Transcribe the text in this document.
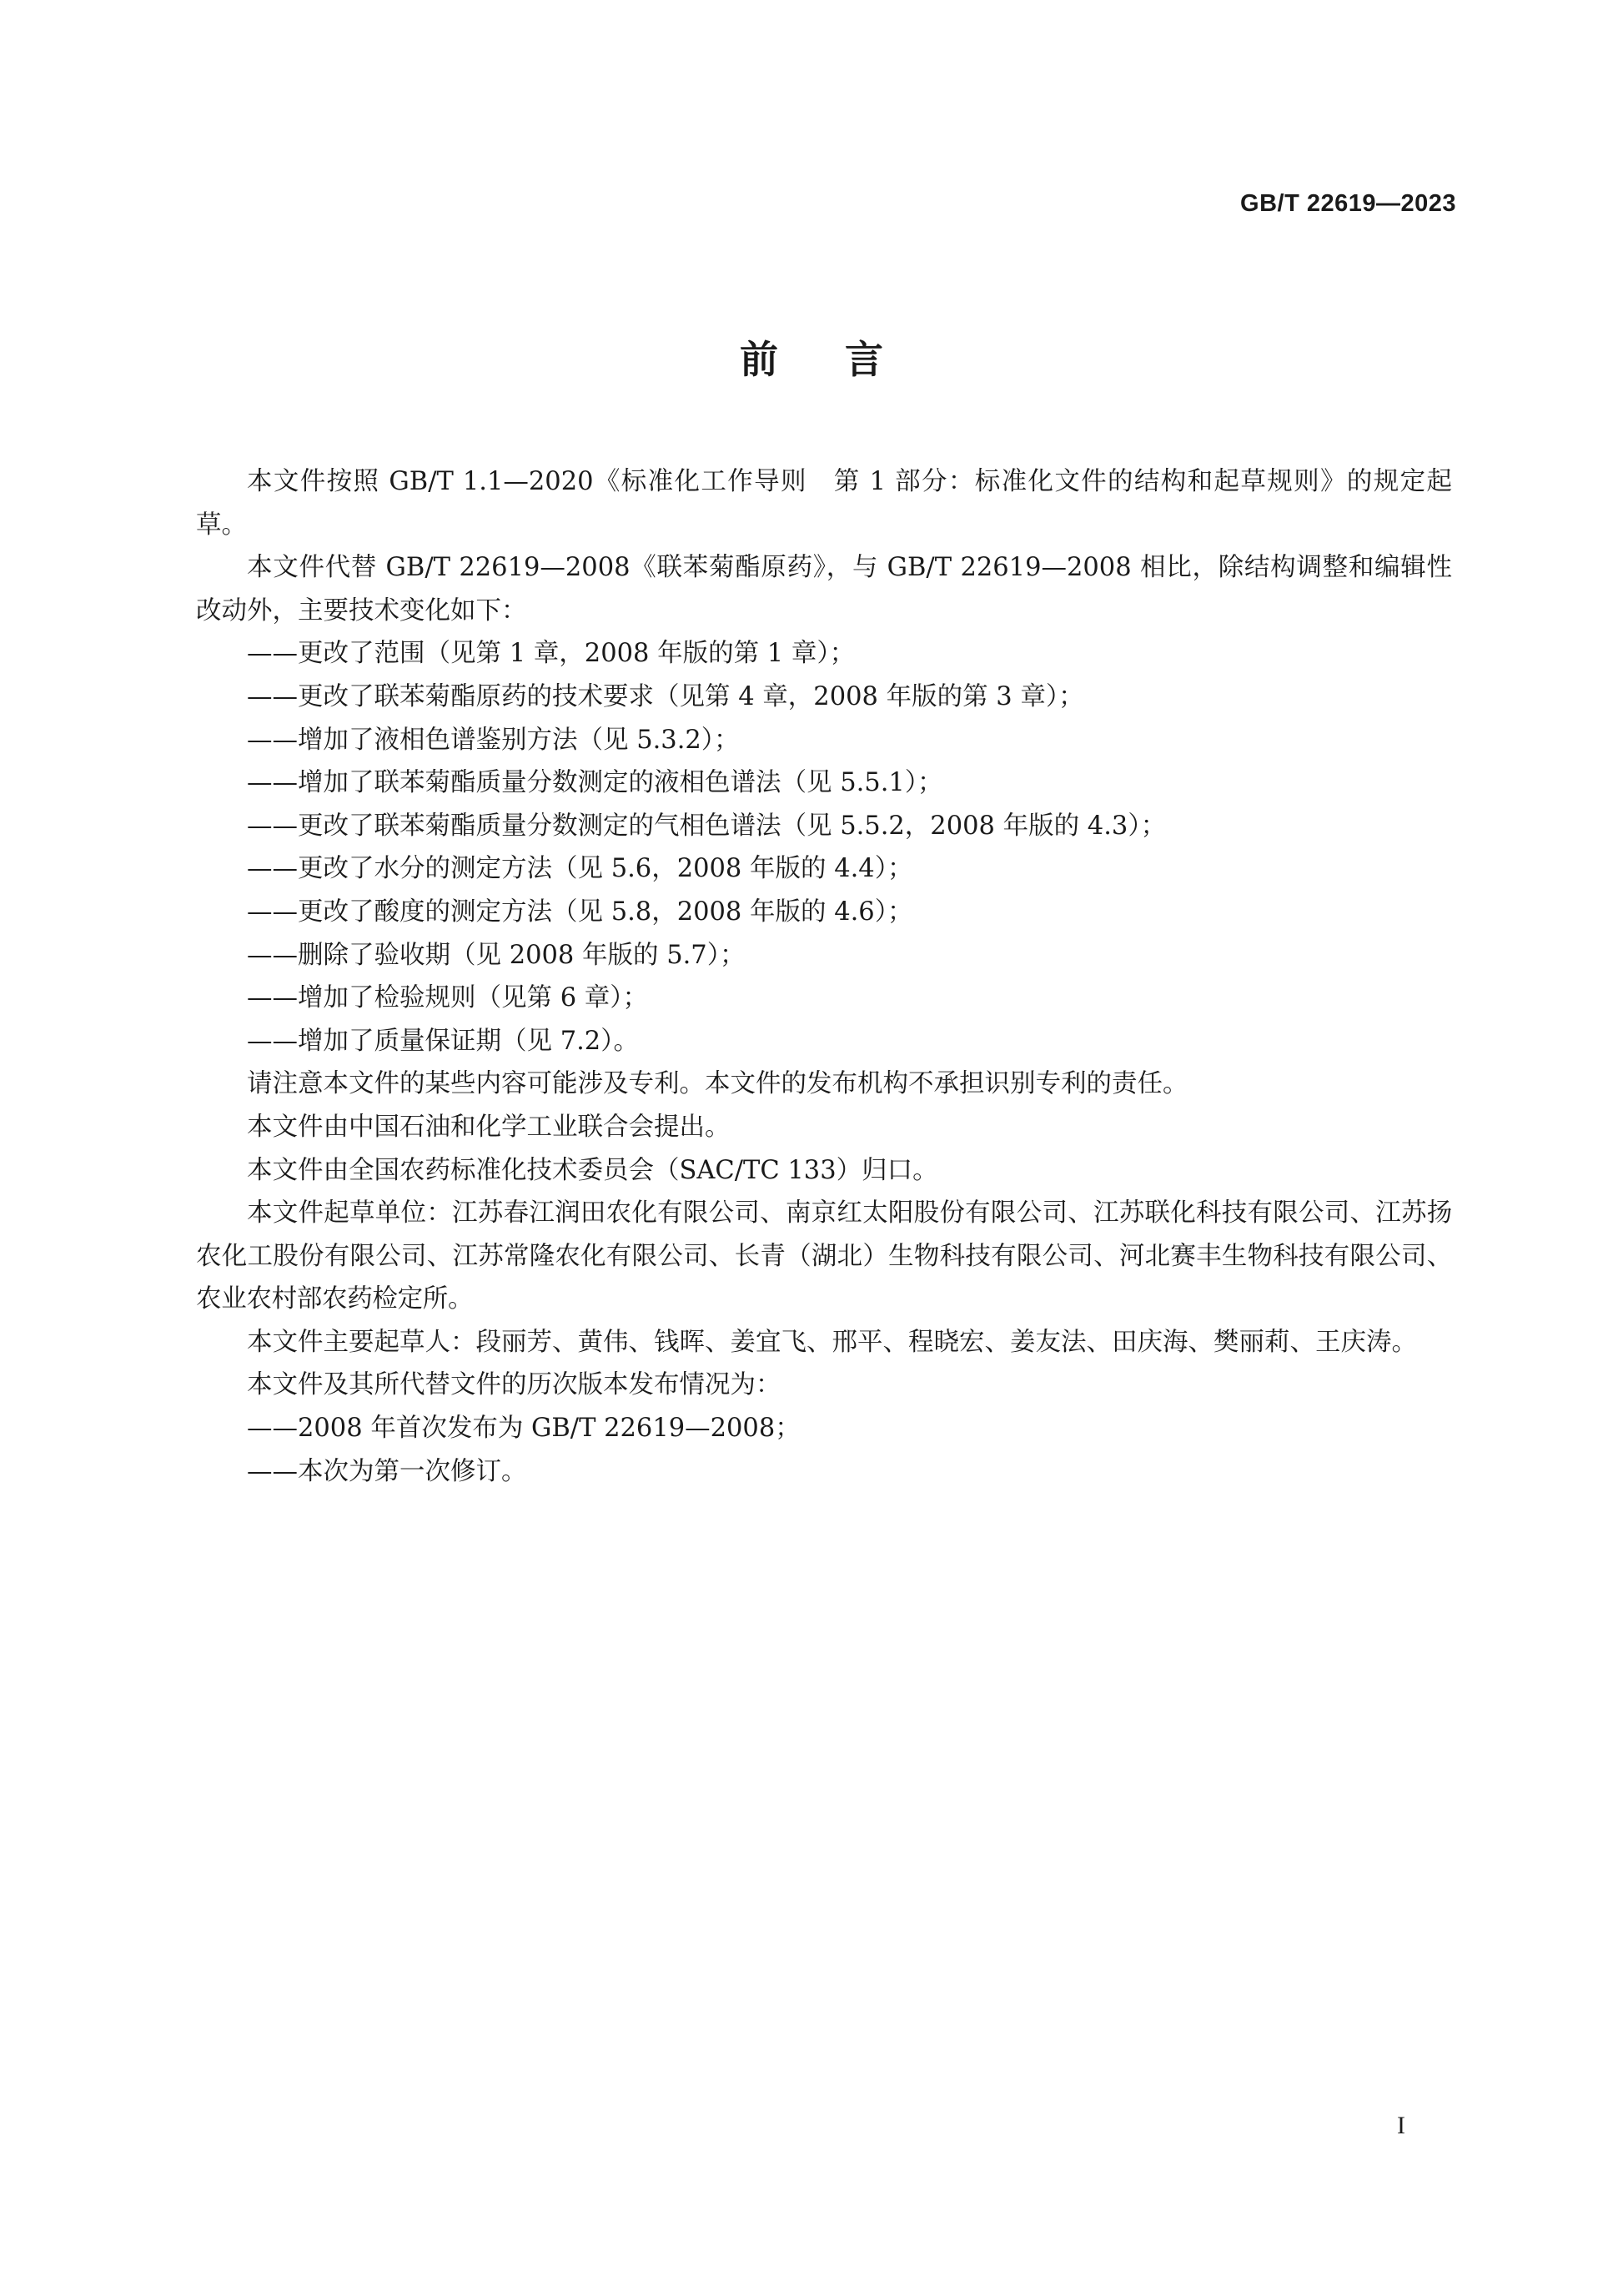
GB/T 22619—2023
前言

本文件按照 GB/T 1.1—2020《标准化工作导则　第 1 部分：标准化文件的结构和起草规则》的规定起草。

本文件代替 GB/T 22619—2008《联苯菊酯原药》，与 GB/T 22619—2008 相比，除结构调整和编辑性改动外，主要技术变化如下：

——更改了范围（见第 1 章，2008 年版的第 1 章）；

——更改了联苯菊酯原药的技术要求（见第 4 章，2008 年版的第 3 章）；

——增加了液相色谱鉴别方法（见 5.3.2）；

——增加了联苯菊酯质量分数测定的液相色谱法（见 5.5.1）；

——更改了联苯菊酯质量分数测定的气相色谱法（见 5.5.2，2008 年版的 4.3）；

——更改了水分的测定方法（见 5.6，2008 年版的 4.4）；

——更改了酸度的测定方法（见 5.8，2008 年版的 4.6）；

——删除了验收期（见 2008 年版的 5.7）；

——增加了检验规则（见第 6 章）；

——增加了质量保证期（见 7.2）。

请注意本文件的某些内容可能涉及专利。本文件的发布机构不承担识别专利的责任。

本文件由中国石油和化学工业联合会提出。

本文件由全国农药标准化技术委员会（SAC/TC 133）归口。

本文件起草单位：江苏春江润田农化有限公司、南京红太阳股份有限公司、江苏联化科技有限公司、江苏扬农化工股份有限公司、江苏常隆农化有限公司、长青（湖北）生物科技有限公司、河北赛丰生物科技有限公司、农业农村部农药检定所。

本文件主要起草人：段丽芳、黄伟、钱晖、姜宜飞、邢平、程晓宏、姜友法、田庆海、樊丽莉、王庆涛。

本文件及其所代替文件的历次版本发布情况为：

——2008 年首次发布为 GB/T 22619—2008；

——本次为第一次修订。

I
